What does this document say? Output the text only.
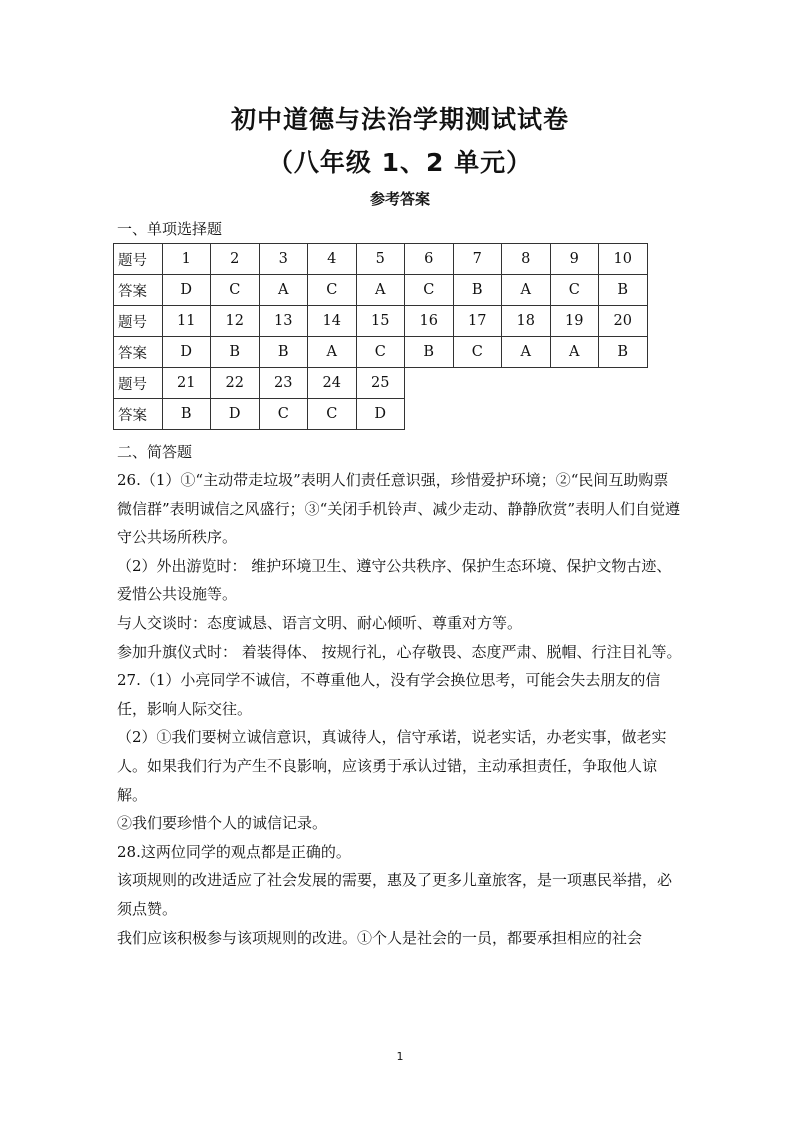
初中道德与法治学期测试试卷
（八年级 1、2 单元）
参考答案
一、单项选择题
题号	1	2	3	4	5	6	7	8	9	10
答案	D	C	A	C	A	C	B	A	C	B
题号	11	12	13	14	15	16	17	18	19	20
答案	D	B	B	A	C	B	C	A	A	B
题号	21	22	23	24	25					
答案	B	D	C	C	D					
二、简答题

26.（1）①“主动带走垃圾”表明人们责任意识强，珍惜爱护环境；②“民间互助购票微信群”表明诚信之风盛行；③“关闭手机铃声、减少走动、静静欣赏”表明人们自觉遵守公共场所秩序。

（2）外出游览时： 维护环境卫生、遵守公共秩序、保护生态环境、保护文物古迹、爱惜公共设施等。

与人交谈时：态度诚恳、语言文明、耐心倾听、尊重对方等。

参加升旗仪式时： 着装得体、 按规行礼，心存敬畏、态度严肃、脱帽、行注目礼等。

27.（1）小亮同学不诚信，不尊重他人，没有学会换位思考，可能会失去朋友的信任，影响人际交往。

（2）①我们要树立诚信意识，真诚待人，信守承诺，说老实话，办老实事，做老实人。如果我们行为产生不良影响，应该勇于承认过错，主动承担责任，争取他人谅解。

②我们要珍惜个人的诚信记录。

28.这两位同学的观点都是正确的。

该项规则的改进适应了社会发展的需要，惠及了更多儿童旅客，是一项惠民举措，必须点赞。

我们应该积极参与该项规则的改进。①个人是社会的一员，都要承担相应的社会

1
